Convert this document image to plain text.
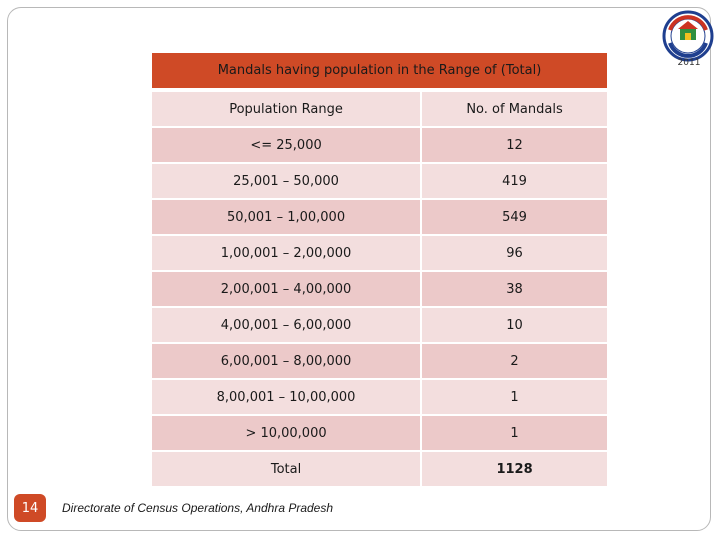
2011
Mandals having population in the Range of (Total)	
Population Range	No. of Mandals
<= 25,000	12
25,001 – 50,000	419
50,001 – 1,00,000	549
1,00,001 – 2,00,000	96
2,00,001 – 4,00,000	38
4,00,001 – 6,00,000	10
6,00,001 – 8,00,000	2
8,00,001 – 10,00,000	1
> 10,00,000	1
Total	1128
14	Directorate of Census Operations, Andhra Pradesh
